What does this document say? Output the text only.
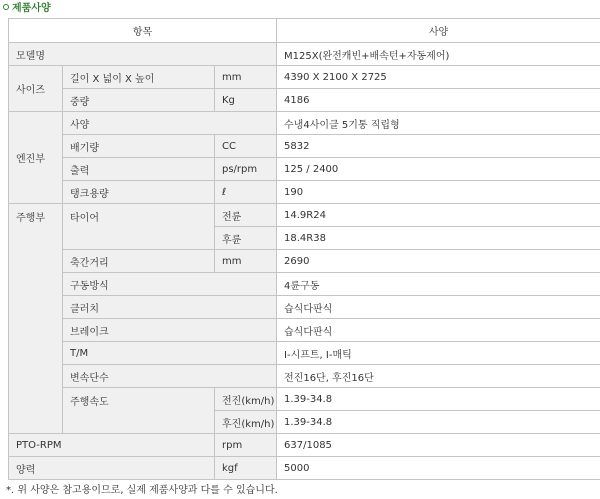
제품사양
항목			사양
모델명			M125X(완전캐빈+배속턴+자동제어)
사이즈	길이 X 넓이 X 높이	mm	4390 X 2100 X 2725
	중량	Kg	4186
엔진부	사양		수냉4사이클 5기통 직립형
	배기량	CC	5832
	출력	ps/rpm	125 / 2400
	탱크용량	ℓ	190
주행부	타이어	전륜	14.9R24
		후륜	18.4R38
	축간거리	mm	2690
	구동방식		4륜구동
	클러치		습식다판식
	브레이크		습식다판식
	T/M		I-시프트, I-매틱
	변속단수		전진16단, 후진16단
	주행속도	전진(km/h)	1.39-34.8
		후진(km/h)	1.39-34.8
PTO-RPM		rpm	637/1085
양력		kgf	5000
*. 위 사양은 참고용이므로, 실제 제품사양과 다를 수 있습니다.
